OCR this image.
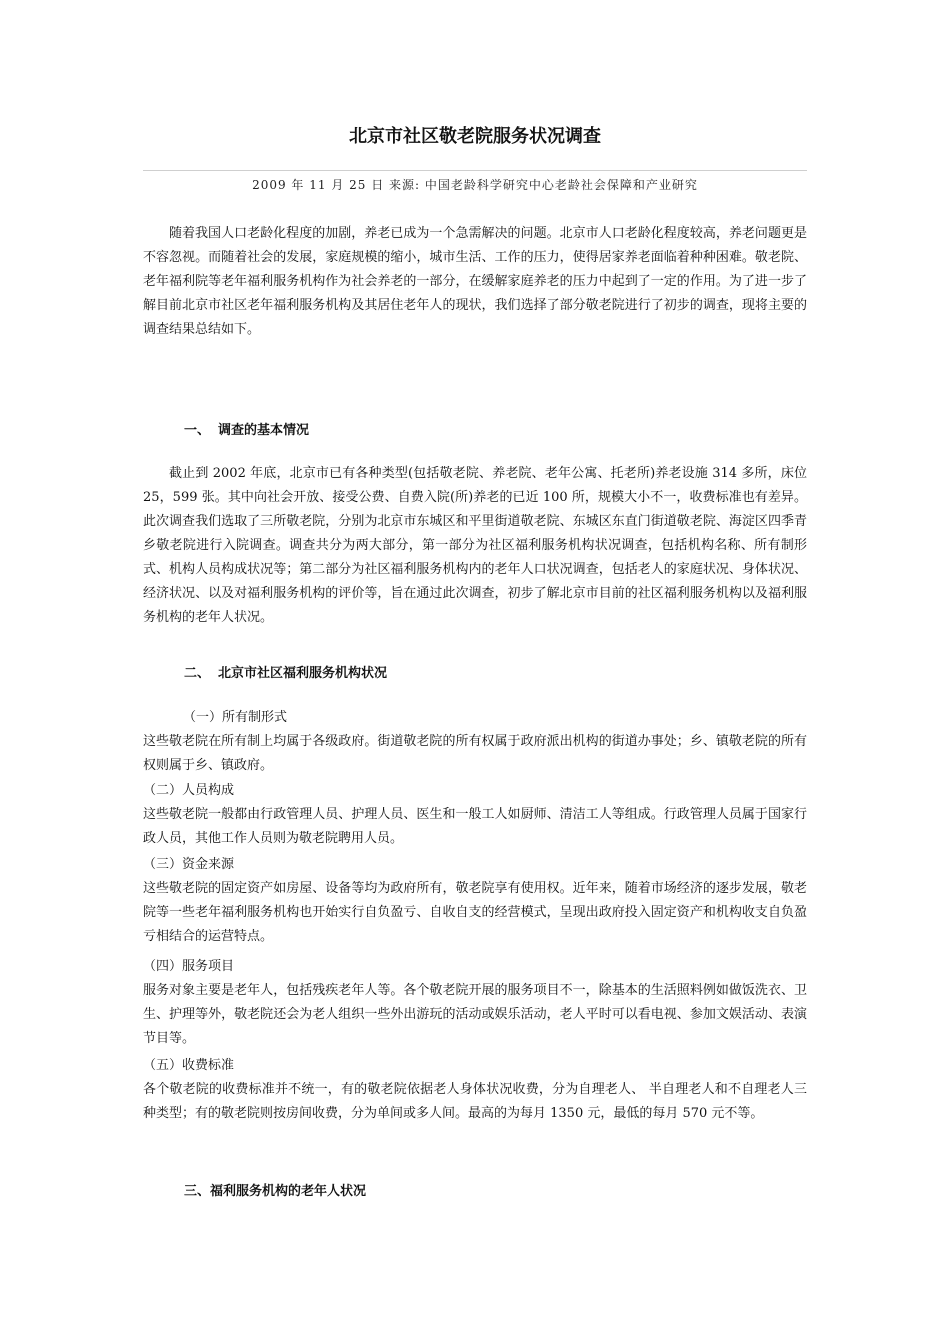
北京市社区敬老院服务状况调查
2009 年 11 月 25 日 来源: 中国老龄科学研究中心老龄社会保障和产业研究

随着我国人口老龄化程度的加剧，养老已成为一个急需解决的问题。北京市人口老龄化程度较高，养老问题更是不容忽视。而随着社会的发展，家庭规模的缩小，城市生活、工作的压力，使得居家养老面临着种种困难。敬老院、老年福利院等老年福利服务机构作为社会养老的一部分，在缓解家庭养老的压力中起到了一定的作用。为了进一步了解目前北京市社区老年福利服务机构及其居住老年人的现状，我们选择了部分敬老院进行了初步的调查，现将主要的调查结果总结如下。

一、 调查的基本情况

截止到 2002 年底，北京市已有各种类型(包括敬老院、养老院、老年公寓、托老所)养老设施 314 多所，床位 25，599 张。其中向社会开放、接受公费、自费入院(所)养老的已近 100 所，规模大小不一，收费标准也有差异。此次调查我们选取了三所敬老院，分别为北京市东城区和平里街道敬老院、东城区东直门街道敬老院、海淀区四季青乡敬老院进行入院调查。调查共分为两大部分，第一部分为社区福利服务机构状况调查，包括机构名称、所有制形式、机构人员构成状况等；第二部分为社区福利服务机构内的老年人口状况调查，包括老人的家庭状况、身体状况、经济状况、以及对福利服务机构的评价等，旨在通过此次调查，初步了解北京市目前的社区福利服务机构以及福利服务机构的老年人状况。

二、 北京市社区福利服务机构状况
（一）所有制形式

这些敬老院在所有制上均属于各级政府。街道敬老院的所有权属于政府派出机构的街道办事处；乡、镇敬老院的所有权则属于乡、镇政府。

（二）人员构成

这些敬老院一般都由行政管理人员、护理人员、医生和一般工人如厨师、清洁工人等组成。行政管理人员属于国家行政人员，其他工作人员则为敬老院聘用人员。

（三）资金来源

这些敬老院的固定资产如房屋、设备等均为政府所有，敬老院享有使用权。近年来，随着市场经济的逐步发展，敬老院等一些老年福利服务机构也开始实行自负盈亏、自收自支的经营模式，呈现出政府投入固定资产和机构收支自负盈亏相结合的运营特点。

（四）服务项目

服务对象主要是老年人，包括残疾老年人等。各个敬老院开展的服务项目不一，除基本的生活照料例如做饭洗衣、卫生、护理等外，敬老院还会为老人组织一些外出游玩的活动或娱乐活动，老人平时可以看电视、参加文娱活动、表演节目等。

（五）收费标准

各个敬老院的收费标准并不统一，有的敬老院依据老人身体状况收费，分为自理老人、 半自理老人和不自理老人三种类型；有的敬老院则按房间收费，分为单间或多人间。最高的为每月 1350 元，最低的每月 570 元不等。

三、福利服务机构的老年人状况
